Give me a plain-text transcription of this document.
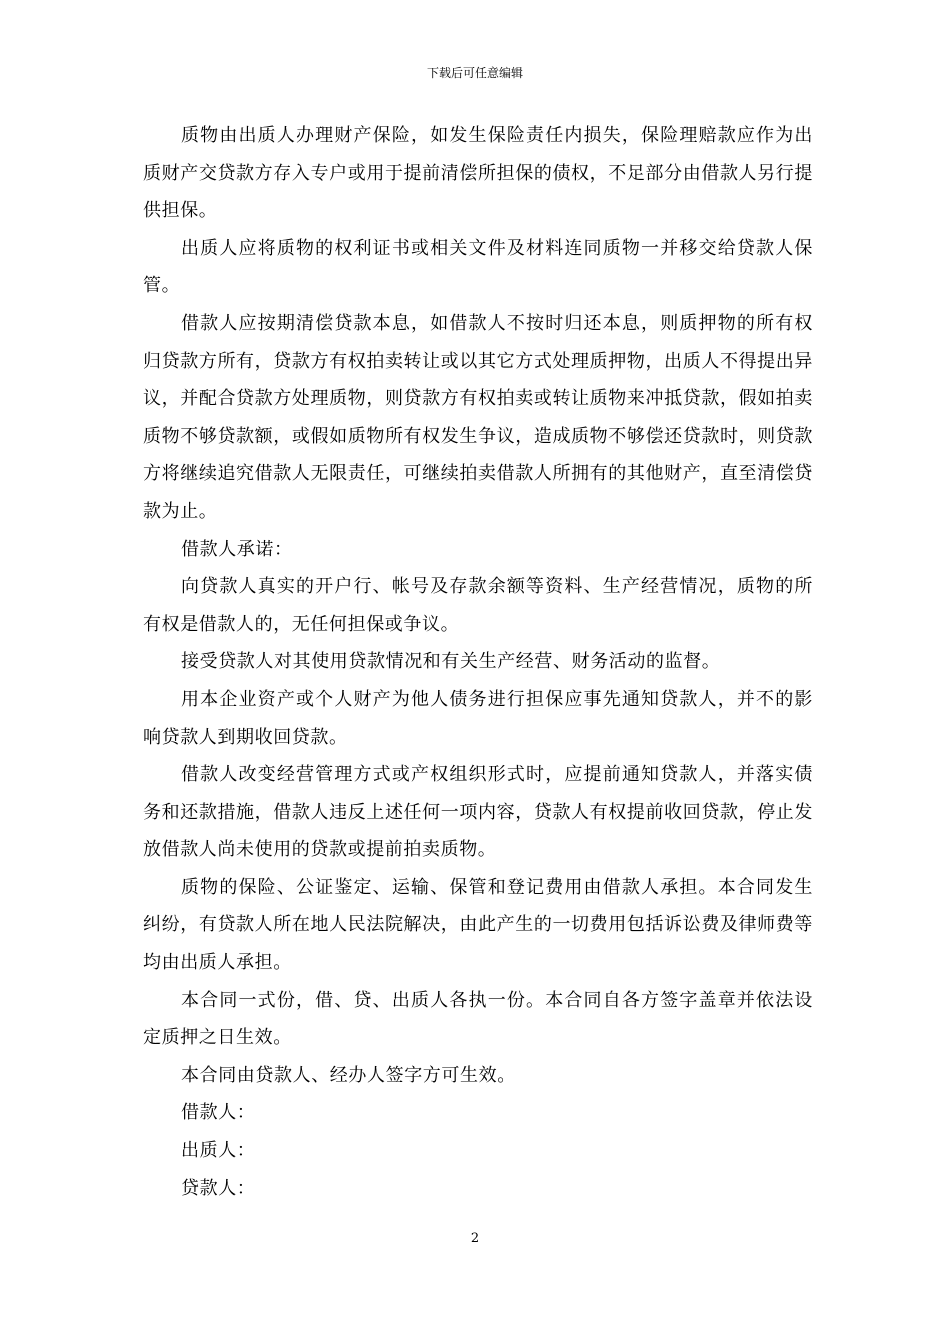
下载后可任意编辑

质物由出质人办理财产保险，如发生保险责任内损失，保险理赔款应作为出质财产交贷款方存入专户或用于提前清偿所担保的债权，不足部分由借款人另行提供担保。

出质人应将质物的权利证书或相关文件及材料连同质物一并移交给贷款人保管。

借款人应按期清偿贷款本息，如借款人不按时归还本息，则质押物的所有权归贷款方所有，贷款方有权拍卖转让或以其它方式处理质押物，出质人不得提出异议，并配合贷款方处理质物，则贷款方有权拍卖或转让质物来冲抵贷款，假如拍卖质物不够贷款额，或假如质物所有权发生争议，造成质物不够偿还贷款时，则贷款方将继续追究借款人无限责任，可继续拍卖借款人所拥有的其他财产，直至清偿贷款为止。

借款人承诺：

向贷款人真实的开户行、帐号及存款余额等资料、生产经营情况，质物的所有权是借款人的，无任何担保或争议。

接受贷款人对其使用贷款情况和有关生产经营、财务活动的监督。

用本企业资产或个人财产为他人债务进行担保应事先通知贷款人，并不的影响贷款人到期收回贷款。

借款人改变经营管理方式或产权组织形式时，应提前通知贷款人，并落实债务和还款措施，借款人违反上述任何一项内容，贷款人有权提前收回贷款，停止发放借款人尚未使用的贷款或提前拍卖质物。

质物的保险、公证鉴定、运输、保管和登记费用由借款人承担。本合同发生纠纷，有贷款人所在地人民法院解决，由此产生的一切费用包括诉讼费及律师费等均由出质人承担。

本合同一式份，借、贷、出质人各执一份。本合同自各方签字盖章并依法设定质押之日生效。

本合同由贷款人、经办人签字方可生效。

借款人：

出质人：

贷款人：

2
